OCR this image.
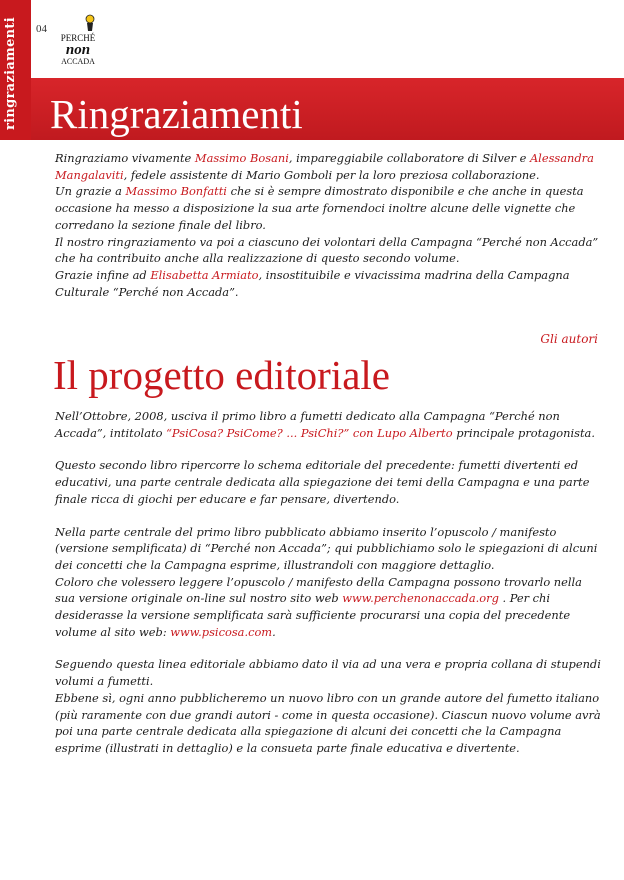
ringraziamenti 04
PERCHÉ
non
ACCADA
Ringraziamenti

Ringraziamo vivamente Massimo Bosani, impareggiabile collaboratore di Silver e Alessandra Mangalaviti, fedele assistente di Mario Gomboli per la loro preziosa collaborazione.

Un grazie a Massimo Bonfatti che si è sempre dimostrato disponibile e che anche in questa occasione ha messo a disposizione la sua arte fornendoci inoltre alcune delle vignette che corredano la sezione finale del libro.

Il nostro ringraziamento va poi a ciascuno dei volontari della Campagna “Perché non Accada” che ha contribuito anche alla realizzazione di questo secondo volume.

Grazie infine ad Elisabetta Armiato, insostituibile e vivacissima madrina della Campagna Culturale “Perché non Accada”.

Gli autori
Il progetto editoriale

Nell’Ottobre, 2008, usciva il primo libro a fumetti dedicato alla Campagna “Perché non Accada”, intitolato “PsiCosa? PsiCome? ... PsiChi?” con Lupo Alberto principale protagonista.

Questo secondo libro ripercorre lo schema editoriale del precedente: fumetti divertenti ed educativi, una parte centrale dedicata alla spiegazione dei temi della Campagna e una parte finale ricca di giochi per educare e far pensare, divertendo.

Nella parte centrale del primo libro pubblicato abbiamo inserito l’opuscolo / manifesto (versione semplificata) di “Perché non Accada”; qui pubblichiamo solo le spiegazioni di alcuni dei concetti che la Campagna esprime, illustrandoli con maggiore dettaglio.

Coloro che volessero leggere l’opuscolo / manifesto della Campagna possono trovarlo nella sua versione originale on-line sul nostro sito web www.perchenonaccada.org . Per chi desiderasse la versione semplificata sarà sufficiente procurarsi una copia del precedente volume al sito web: www.psicosa.com.

Seguendo questa linea editoriale abbiamo dato il via ad una vera e propria collana di stupendi volumi a fumetti.

Ebbene sì, ogni anno pubblicheremo un nuovo libro con un grande autore del fumetto italiano (più raramente con due grandi autori - come in questa occasione). Ciascun nuovo volume avrà poi una parte centrale dedicata alla spiegazione di alcuni dei concetti che la Campagna esprime (illustrati in dettaglio) e la consueta parte finale educativa e divertente.
